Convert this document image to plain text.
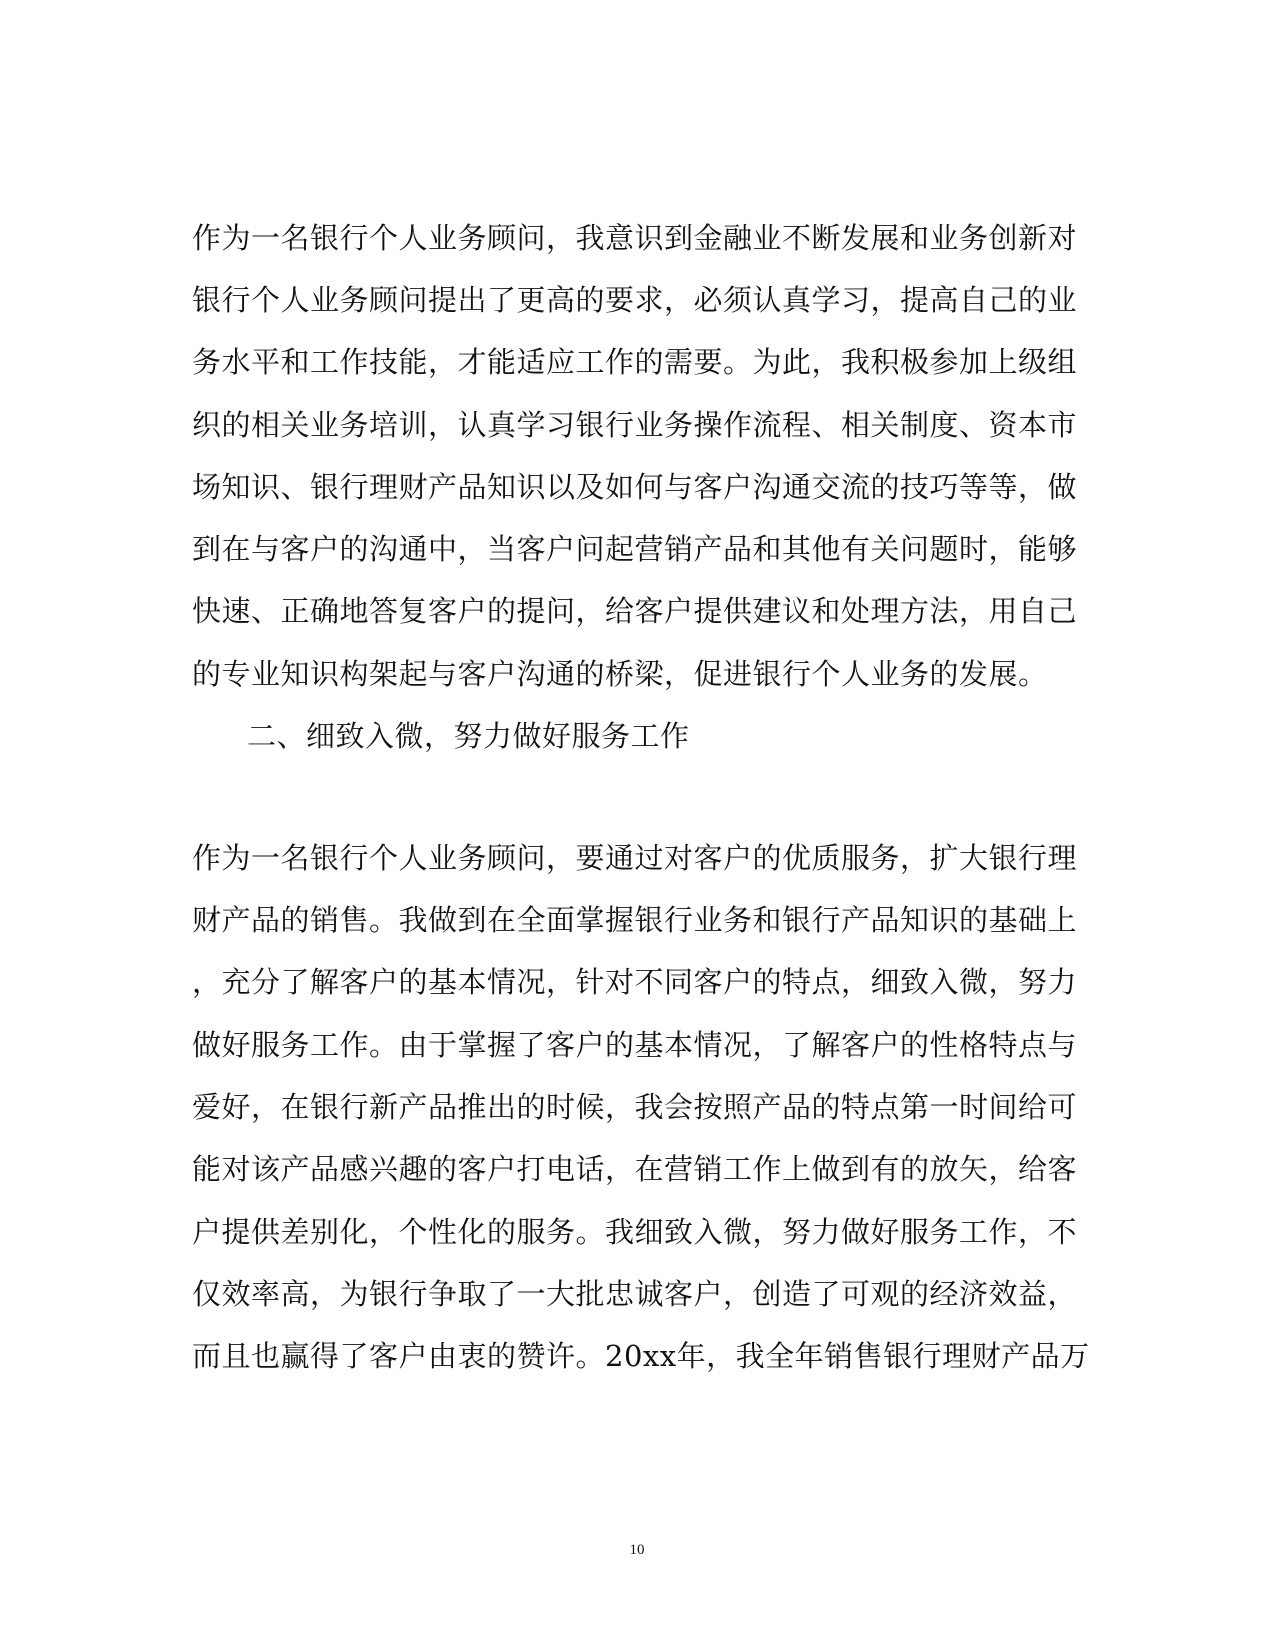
作为一名银行个人业务顾问，我意识到金融业不断发展和业务创新对
银行个人业务顾问提出了更高的要求，必须认真学习，提高自己的业
务水平和工作技能，才能适应工作的需要。为此，我积极参加上级组
织的相关业务培训，认真学习银行业务操作流程、相关制度、资本市
场知识、银行理财产品知识以及如何与客户沟通交流的技巧等等，做
到在与客户的沟通中，当客户问起营销产品和其他有关问题时，能够
快速、正确地答复客户的提问，给客户提供建议和处理方法，用自己
的专业知识构架起与客户沟通的桥梁，促进银行个人业务的发展。
二、细致入微，努力做好服务工作
作为一名银行个人业务顾问，要通过对客户的优质服务，扩大银行理
财产品的销售。我做到在全面掌握银行业务和银行产品知识的基础上
，充分了解客户的基本情况，针对不同客户的特点，细致入微，努力
做好服务工作。由于掌握了客户的基本情况，了解客户的性格特点与
爱好，在银行新产品推出的时候，我会按照产品的特点第一时间给可
能对该产品感兴趣的客户打电话，在营销工作上做到有的放矢，给客
户提供差别化，个性化的服务。我细致入微，努力做好服务工作，不
仅效率高，为银行争取了一大批忠诚客户，创造了可观的经济效益，
而且也赢得了客户由衷的赞许。20xx年，我全年销售银行理财产品万
10
